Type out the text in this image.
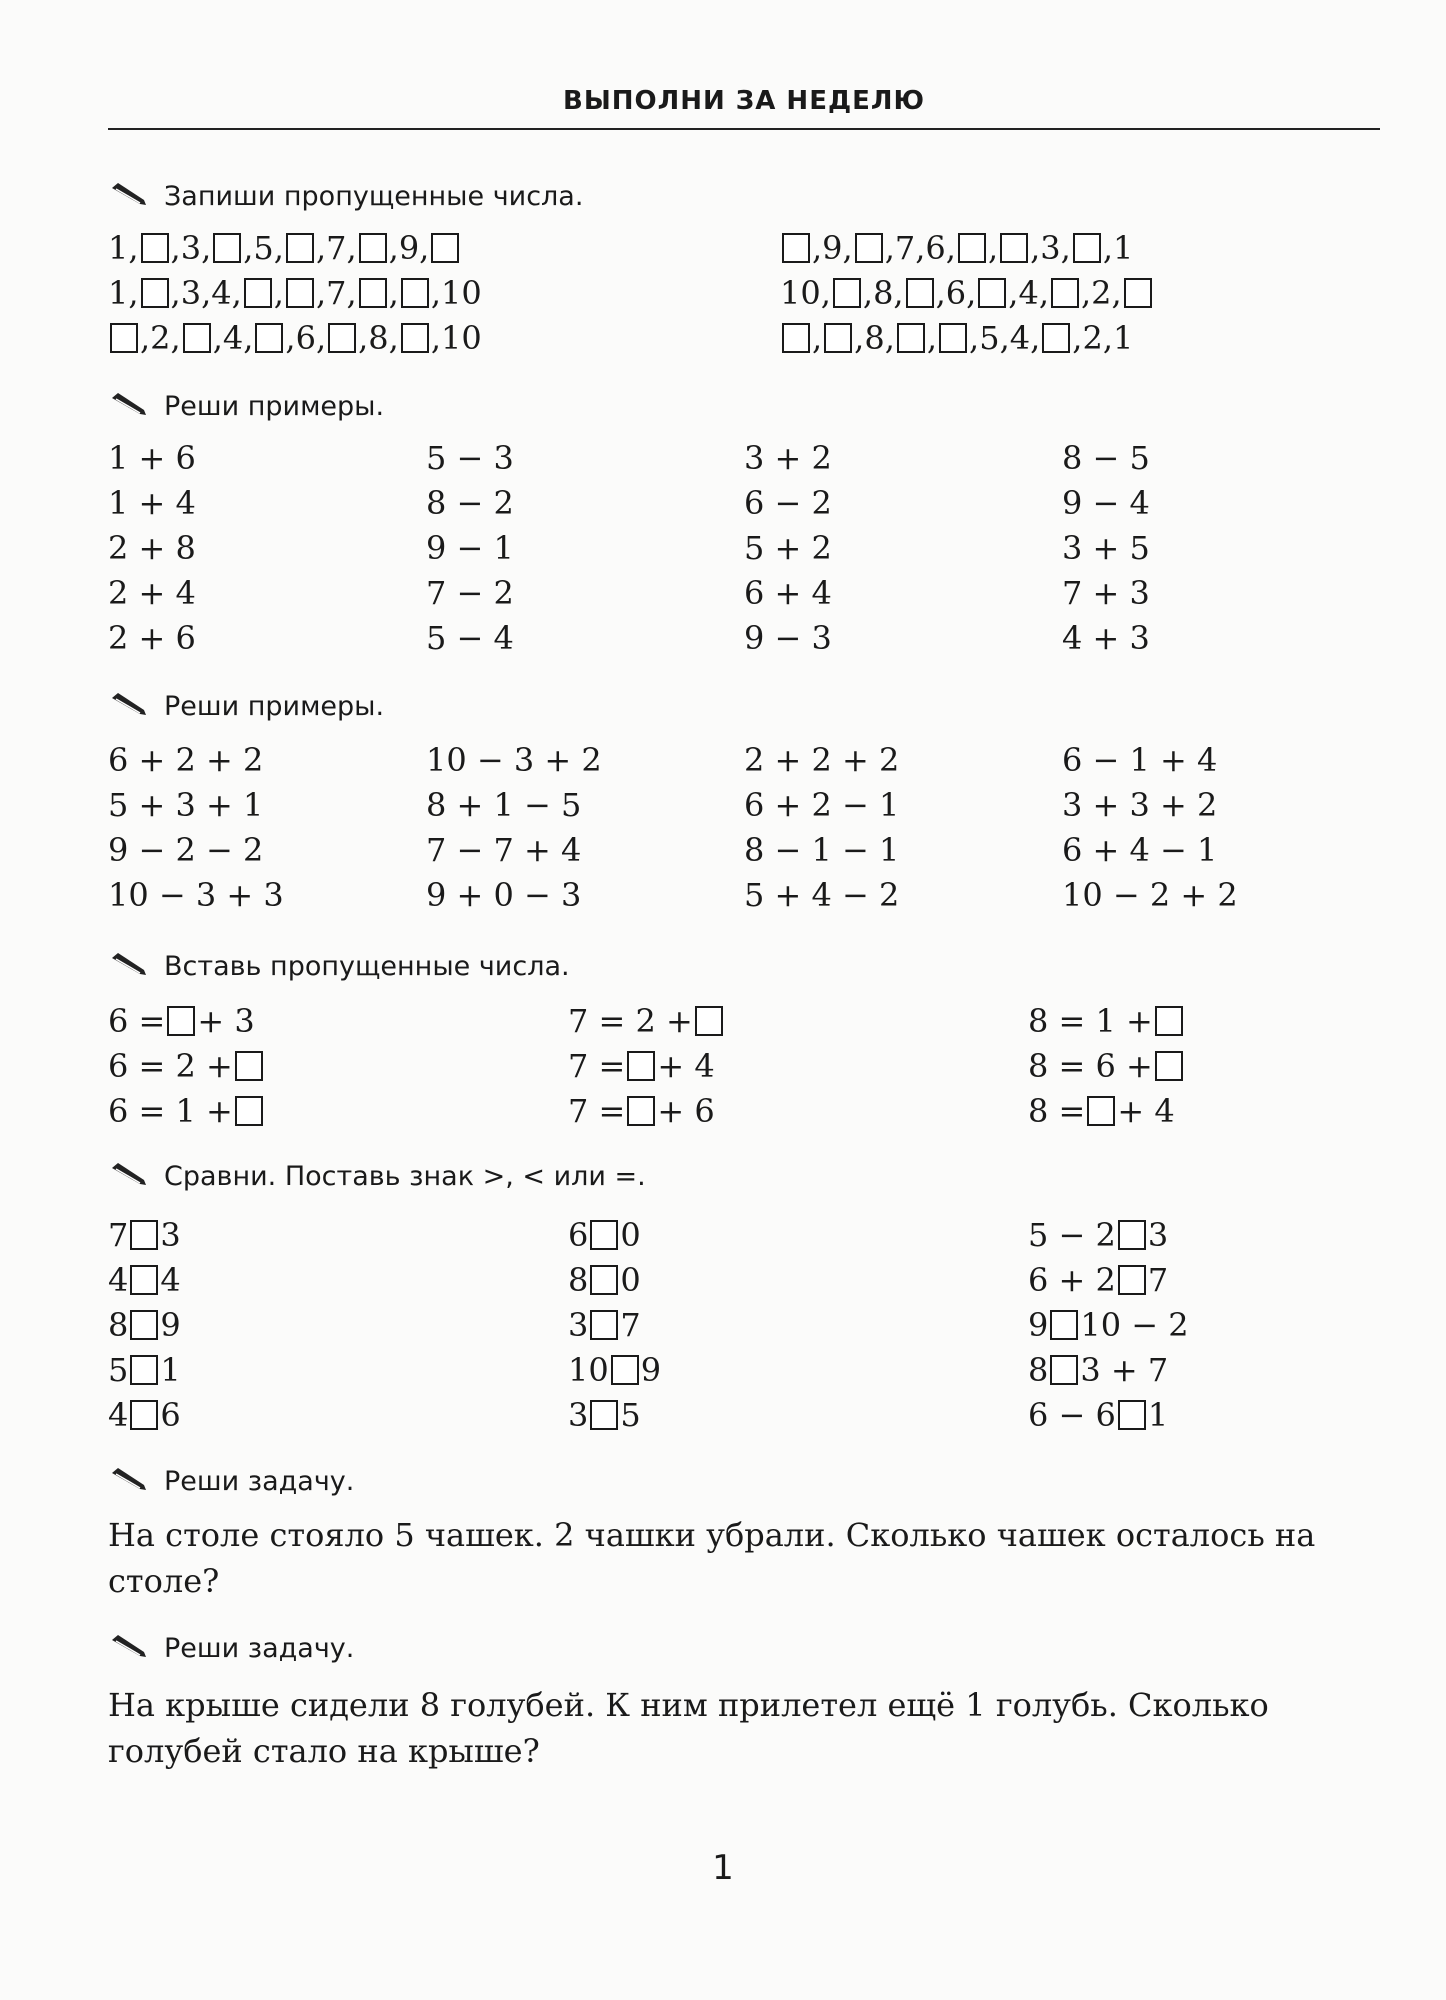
ВЫПОЛНИ ЗА НЕДЕЛЮ
Запиши пропущенные числа.
1,,3,,5,,7,,9,
1,,3,4,,,7,,,10
,2,,4,,6,,8,,10
,9,,7,6,,,3,,1
10,,8,,6,,4,,2,
,,8,,,5,4,,2,1
Реши примеры.
1 + 6
1 + 4
2 + 8
2 + 4
2 + 6
5 − 3
8 − 2
9 − 1
7 − 2
5 − 4
3 + 2
6 − 2
5 + 2
6 + 4
9 − 3
8 − 5
9 − 4
3 + 5
7 + 3
4 + 3
Реши примеры.
6 + 2 + 2
5 + 3 + 1
9 − 2 − 2
10 − 3 + 3
10 − 3 + 2
8 + 1 − 5
7 − 7 + 4
9 + 0 − 3
2 + 2 + 2
6 + 2 − 1
8 − 1 − 1
5 + 4 − 2
6 − 1 + 4
3 + 3 + 2
6 + 4 − 1
10 − 2 + 2
Вставь пропущенные числа.
6 =+ 3
6 = 2 +
6 = 1 +
7 = 2 +
7 =+ 4
7 =+ 6
8 = 1 +
8 = 6 +
8 =+ 4
Сравни. Поставь знак >, < или =.
73
44
89
51
46
60
80
37
109
35
5 − 23
6 + 27
910 − 2
83 + 7
6 − 61
Реши задачу.
На столе стояло 5 чашек. 2 чашки убрали. Сколько чашек осталось на столе?
Реши задачу.
На крыше сидели 8 голубей. К ним прилетел ещё 1 голубь. Сколько голубей стало на крыше?
1
